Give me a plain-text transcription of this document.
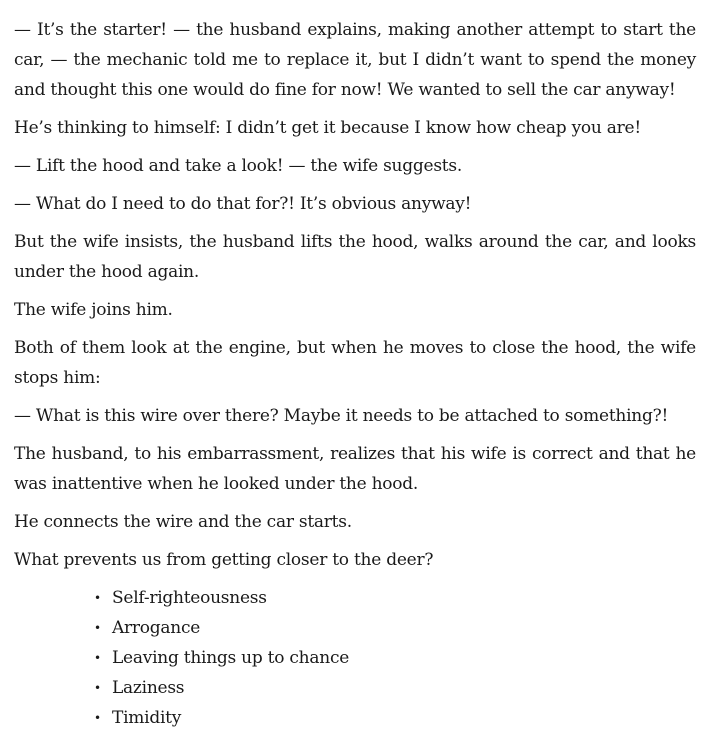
— It’s the starter! — the husband explains, making another attempt to start the car, — the mechanic told me to replace it, but I didn’t want to spend the money and thought this one would do fine for now! We wanted to sell the car anyway!

He’s thinking to himself: I didn’t get it because I know how cheap you are!

— Lift the hood and take a look! — the wife suggests.

— What do I need to do that for?! It’s obvious anyway!

But the wife insists, the husband lifts the hood, walks around the car, and looks under the hood again.

The wife joins him.

Both of them look at the engine, but when he moves to close the hood, the wife stops him:

— What is this wire over there? Maybe it needs to be attached to something?!

The husband, to his embarrassment, realizes that his wife is correct and that he was inattentive when he looked under the hood.

He connects the wire and the car starts.

What prevents us from getting closer to the deer?

• Self-righteousness
• Arrogance
• Leaving things up to chance
• Laziness
• Timidity
